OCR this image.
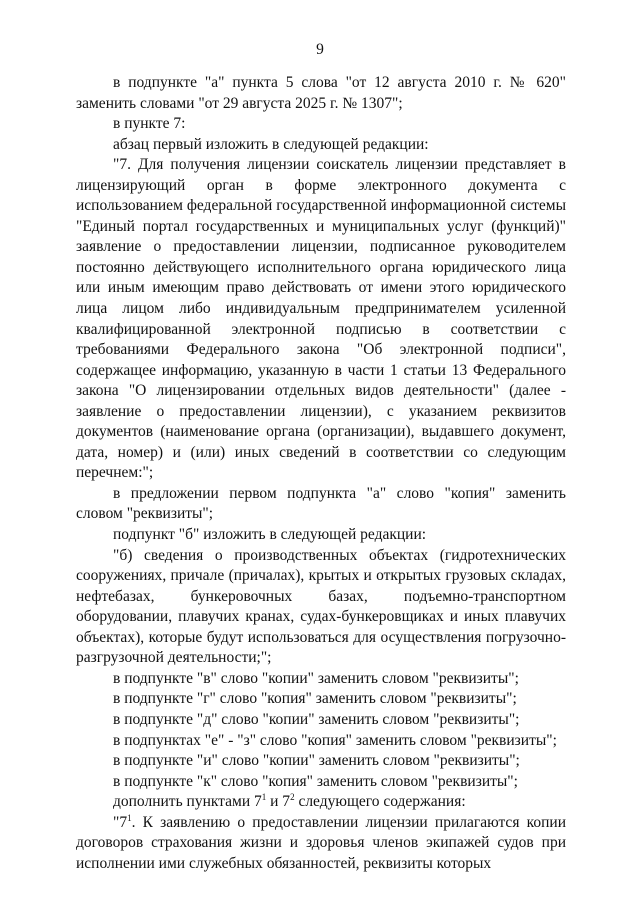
9

в подпункте "а" пункта 5 слова "от 12 августа 2010 г. № 620" заменить словами "от 29 августа 2025 г. № 1307";

в пункте 7:

абзац первый изложить в следующей редакции:

"7. Для получения лицензии соискатель лицензии представляет в лицензирующий орган в форме электронного документа с использованием федеральной государственной информационной системы "Единый портал государственных и муниципальных услуг (функций)" заявление о предоставлении лицензии, подписанное руководителем постоянно действующего исполнительного органа юридического лица или иным имеющим право действовать от имени этого юридического лица лицом либо индивидуальным предпринимателем усиленной квалифицированной электронной подписью в соответствии с требованиями Федерального закона "Об электронной подписи", содержащее информацию, указанную в части 1 статьи 13 Федерального закона "О лицензировании отдельных видов деятельности" (далее - заявление о предоставлении лицензии), с указанием реквизитов документов (наименование органа (организации), выдавшего документ, дата, номер) и (или) иных сведений в соответствии со следующим перечнем:";

в предложении первом подпункта "а" слово "копия" заменить словом "реквизиты";

подпункт "б" изложить в следующей редакции:

"б) сведения о производственных объектах (гидротехнических сооружениях, причале (причалах), крытых и открытых грузовых складах, нефтебазах, бункеровочных базах, подъемно-транспортном оборудовании, плавучих кранах, судах-бункеровщиках и иных плавучих объектах), которые будут использоваться для осуществления погрузочно-разгрузочной деятельности;";

в подпункте "в" слово "копии" заменить словом "реквизиты";

в подпункте "г" слово "копия" заменить словом "реквизиты";

в подпункте "д" слово "копии" заменить словом "реквизиты";

в подпунктах "е" - "з" слово "копия" заменить словом "реквизиты";

в подпункте "и" слово "копии" заменить словом "реквизиты";

в подпункте "к" слово "копия" заменить словом "реквизиты";

дополнить пунктами $7^1$ и $7^2$ следующего содержания:

"$7^1$. К заявлению о предоставлении лицензии прилагаются копии договоров страхования жизни и здоровья членов экипажей судов при исполнении ими служебных обязанностей, реквизиты которых
